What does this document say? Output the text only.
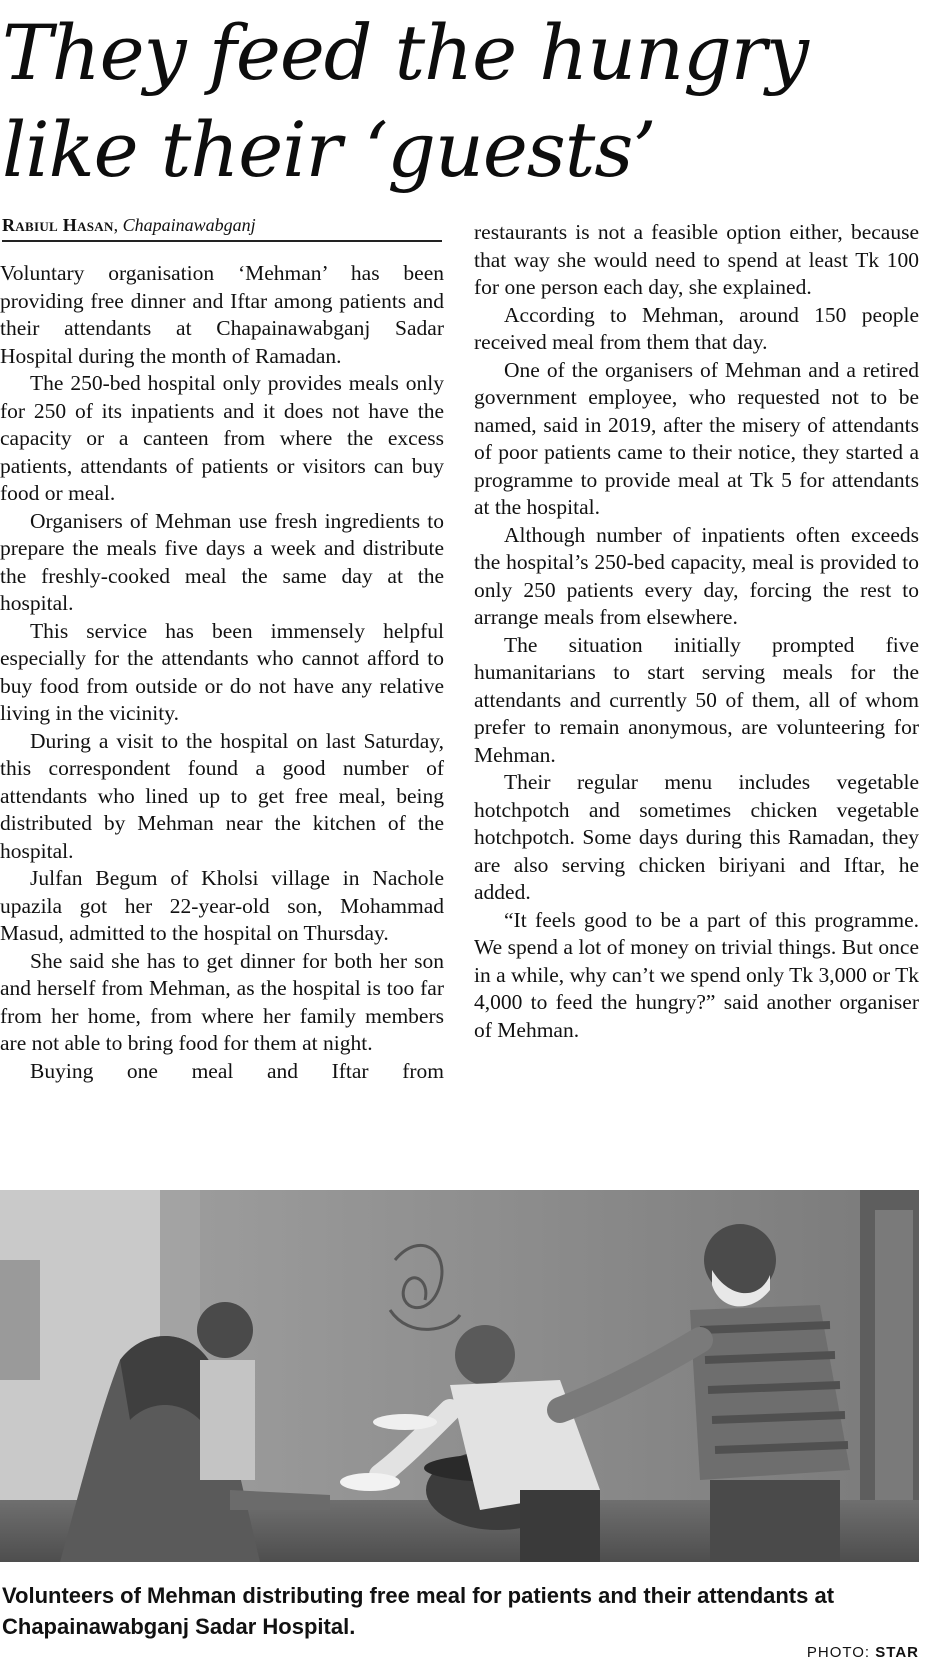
They feed the hungry like their ‘guests’
Rabiul Hasan, Chapainawabganj

Voluntary organisation ‘Mehman’ has been providing free dinner and Iftar among patients and their attendants at Chapainawabganj Sadar Hospital during the month of Ramadan.

The 250-bed hospital only provides meals only for 250 of its inpatients and it does not have the capacity or a canteen from where the excess patients, attendants of patients or visitors can buy food or meal.

Organisers of Mehman use fresh ingredients to prepare the meals five days a week and distribute the freshly-cooked meal the same day at the hospital.

This service has been immensely helpful especially for the attendants who cannot afford to buy food from outside or do not have any relative living in the vicinity.

During a visit to the hospital on last Saturday, this correspondent found a good number of attendants who lined up to get free meal, being distributed by Mehman near the kitchen of the hospital.

Julfan Begum of Kholsi village in Nachole upazila got her 22-year-old son, Mohammad Masud, admitted to the hospital on Thursday.

She said she has to get dinner for both her son and herself from Mehman, as the hospital is too far from her home, from where her family members are not able to bring food for them at night.

Buying one meal and Iftar from

restaurants is not a feasible option either, because that way she would need to spend at least Tk 100 for one person each day, she explained.

According to Mehman, around 150 people received meal from them that day.

One of the organisers of Mehman and a retired government employee, who requested not to be named, said in 2019, after the misery of attendants of poor patients came to their notice, they started a programme to provide meal at Tk 5 for attendants at the hospital.

Although number of inpatients often exceeds the hospital’s 250-bed capacity, meal is provided to only 250 patients every day, forcing the rest to arrange meals from elsewhere.

The situation initially prompted five humanitarians to start serving meals for the attendants and currently 50 of them, all of whom prefer to remain anonymous, are volunteering for Mehman.

Their regular menu includes vegetable hotchpotch and sometimes chicken vegetable hotchpotch. Some days during this Ramadan, they are also serving chicken biriyani and Iftar, he added.

“It feels good to be a part of this programme. We spend a lot of money on trivial things. But once in a while, why can’t we spend only Tk 3,000 or Tk 4,000 to feed the hungry?” said another organiser of Mehman.

Volunteers of Mehman distributing free meal for patients and their attendants at Chapainawabganj Sadar Hospital.
PHOTO: STAR
